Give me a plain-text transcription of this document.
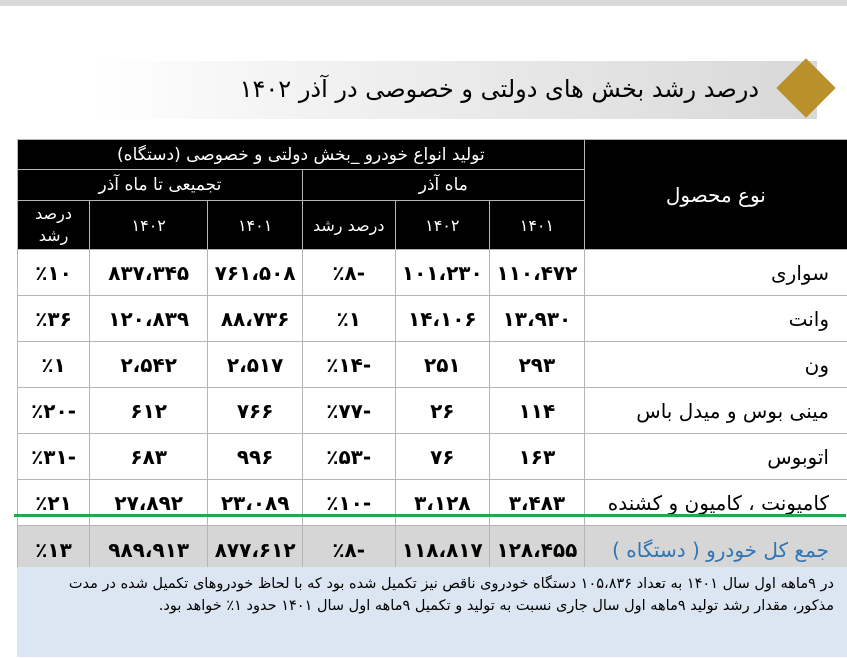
درصد رشد بخش های دولتی و خصوصی در آذر ۱۴۰۲
نوع محصول	تولید انواع خودرو _بخش دولتی و خصوصی (دستگاه)					
	ماه آذر			تجمیعی تا ماه آذر		
	۱۴۰۱	۱۴۰۲	درصد رشد	۱۴۰۱	۱۴۰۲	درصد رشد
سواری	۱۱۰،۴۷۲	۱۰۱،۲۳۰	-٪۸	۷۶۱،۵۰۸	۸۳۷،۳۴۵	٪۱۰
وانت	۱۳،۹۳۰	۱۴،۱۰۶	٪۱	۸۸،۷۳۶	۱۲۰،۸۳۹	٪۳۶
ون	۲۹۳	۲۵۱	-٪۱۴	۲،۵۱۷	۲،۵۴۲	٪۱
مینی بوس و میدل باس	۱۱۴	۲۶	-٪۷۷	۷۶۶	۶۱۲	-٪۲۰
اتوبوس	۱۶۳	۷۶	-٪۵۳	۹۹۶	۶۸۳	-٪۳۱
کامیونت ، کامیون و کشنده	۳،۴۸۳	۳،۱۲۸	-٪۱۰	۲۳،۰۸۹	۲۷،۸۹۲	٪۲۱
جمع کل خودرو ( دستگاه )	۱۲۸،۴۵۵	۱۱۸،۸۱۷	-٪۸	۸۷۷،۶۱۲	۹۸۹،۹۱۳	٪۱۳
در ۹ماهه اول سال ۱۴۰۱ به تعداد ۱۰۵،۸۳۶ دستگاه خودروی ناقص نیز تکمیل شده بود که با لحاظ خودروهای تکمیل شده در مدت مذکور، مقدار رشد تولید ۹ماهه اول سال جاری نسبت به تولید و تکمیل ۹ماهه اول سال ۱۴۰۱ حدود ۱٪ خواهد بود.
